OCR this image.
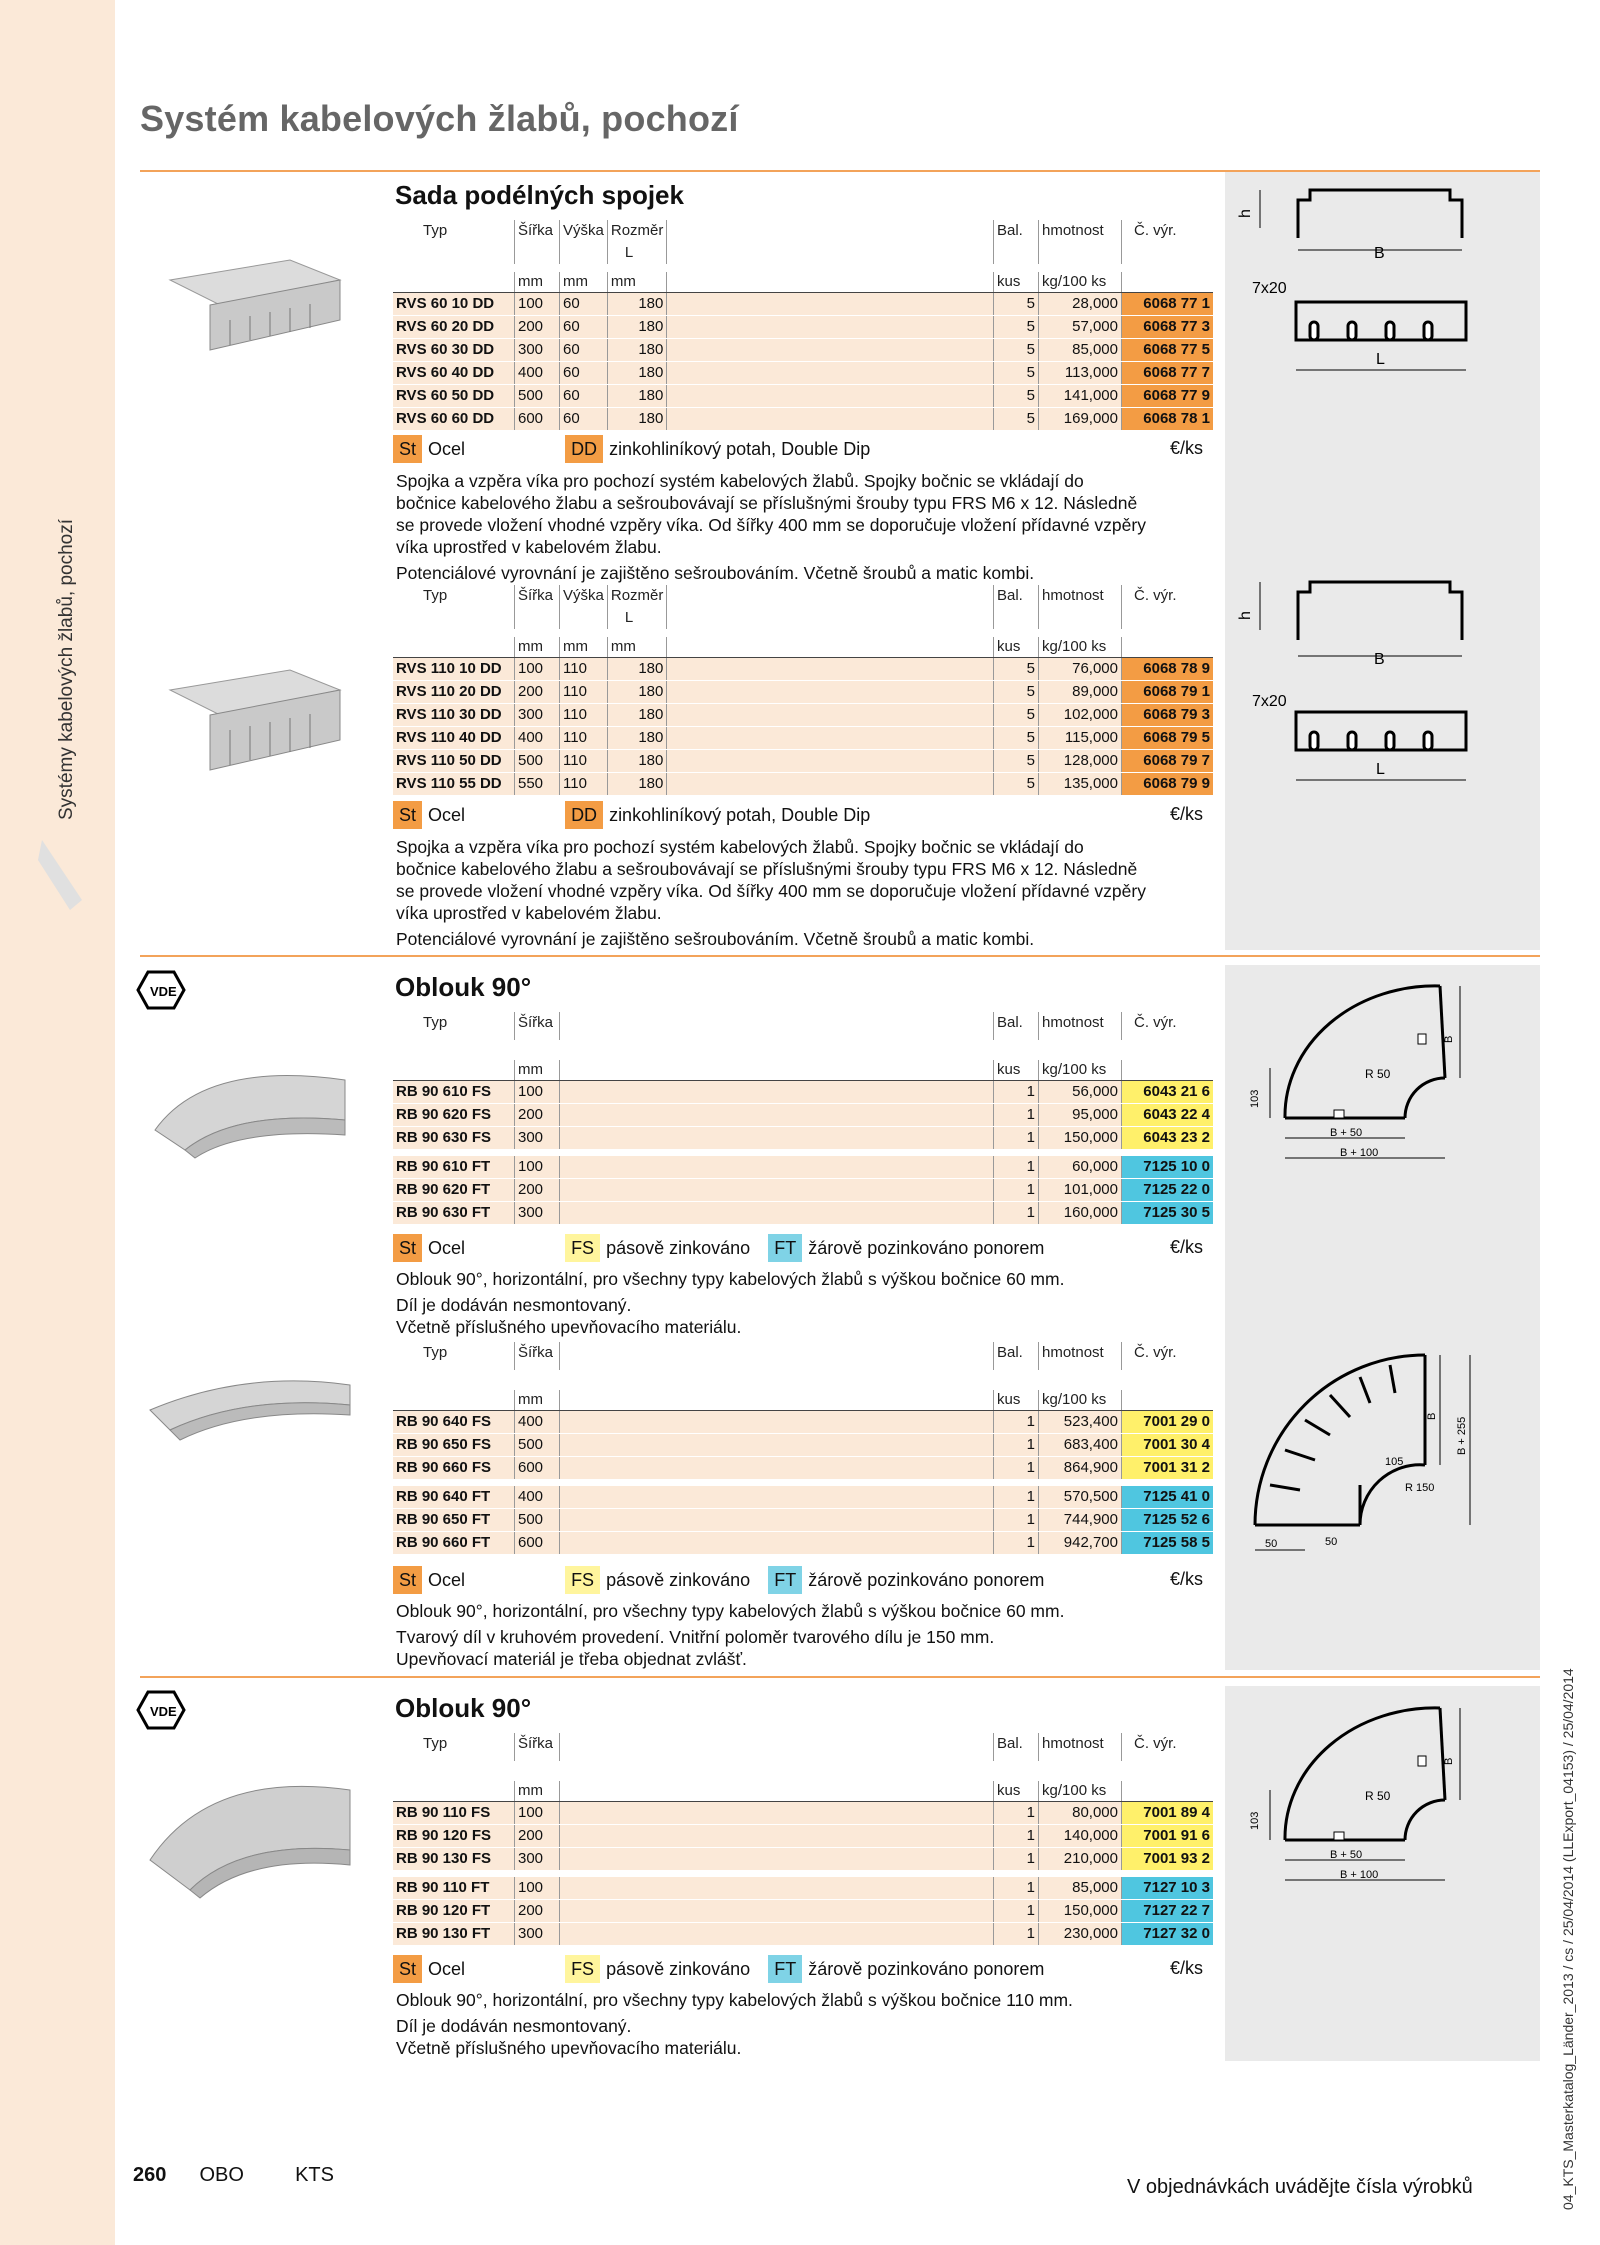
Systémy kabelových žlabů, pochozí
Systém kabelových žlabů, pochozí
h
B
7x20
L
h
B
7x20
L
Sada podélných spojek
Typ	Šířka	Výška	Rozměr
L		Bal.	hmotnost	Č. výr.

	mm	mm	mm		kus	kg/100 ks	
RVS 60 10 DD	100	60	180		5	28,000	6068 77 1
RVS 60 20 DD	200	60	180		5	57,000	6068 77 3
RVS 60 30 DD	300	60	180		5	85,000	6068 77 5
RVS 60 40 DD	400	60	180		5	113,000	6068 77 7
RVS 60 50 DD	500	60	180		5	141,000	6068 77 9
RVS 60 60 DD	600	60	180		5	169,000	6068 78 1
St Ocel	DD zinkohliníkový potah, Double Dip	€/ks
Spojka a vzpěra víka pro pochozí systém kabelových žlabů. Spojky bočnic se vkládají do
bočnice kabelového žlabu a sešroubovávají se příslušnými šrouby typu FRS M6 x 12. Následně
se provede vložení vhodné vzpěry víka. Od šířky 400 mm se doporučuje vložení přídavné vzpěry
víka uprostřed v kabelovém žlabu.
Potenciálové vyrovnání je zajištěno sešroubováním. Včetně šroubů a matic kombi.
Typ	Šířka	Výška	Rozměr
L		Bal.	hmotnost	Č. výr.

	mm	mm	mm		kus	kg/100 ks	
RVS 110 10 DD	100	110	180		5	76,000	6068 78 9
RVS 110 20 DD	200	110	180		5	89,000	6068 79 1
RVS 110 30 DD	300	110	180		5	102,000	6068 79 3
RVS 110 40 DD	400	110	180		5	115,000	6068 79 5
RVS 110 50 DD	500	110	180		5	128,000	6068 79 7
RVS 110 55 DD	550	110	180		5	135,000	6068 79 9
St Ocel	DD zinkohliníkový potah, Double Dip	€/ks
Spojka a vzpěra víka pro pochozí systém kabelových žlabů. Spojky bočnic se vkládají do
bočnice kabelového žlabu a sešroubovávají se příslušnými šrouby typu FRS M6 x 12. Následně
se provede vložení vhodné vzpěry víka. Od šířky 400 mm se doporučuje vložení přídavné vzpěry
víka uprostřed v kabelovém žlabu.
Potenciálové vyrovnání je zajištěno sešroubováním. Včetně šroubů a matic kombi.
VDE
103
R 50
B + 50
B + 100
B
B
B + 255
105
R 150
50
50
Oblouk 90°
Typ	Šířka		Bal.	hmotnost	Č. výr.

	mm		kus	kg/100 ks	
RB 90 610 FS	100		1	56,000	6043 21 6
RB 90 620 FS	200		1	95,000	6043 22 4
RB 90 630 FS	300		1	150,000	6043 23 2

RB 90 610 FT	100		1	60,000	7125 10 0
RB 90 620 FT	200		1	101,000	7125 22 0
RB 90 630 FT	300		1	160,000	7125 30 5
St Ocel	FS pásově zinkováno FT žárově pozinkováno ponorem	€/ks
Oblouk 90°, horizontální, pro všechny typy kabelových žlabů s výškou bočnice 60 mm.
Díl je dodáván nesmontovaný.
Včetně příslušného upevňovacího materiálu.
Typ	Šířka		Bal.	hmotnost	Č. výr.

	mm		kus	kg/100 ks	
RB 90 640 FS	400		1	523,400	7001 29 0
RB 90 650 FS	500		1	683,400	7001 30 4
RB 90 660 FS	600		1	864,900	7001 31 2

RB 90 640 FT	400		1	570,500	7125 41 0
RB 90 650 FT	500		1	744,900	7125 52 6
RB 90 660 FT	600		1	942,700	7125 58 5
St Ocel	FS pásově zinkováno FT žárově pozinkováno ponorem	€/ks
Oblouk 90°, horizontální, pro všechny typy kabelových žlabů s výškou bočnice 60 mm.
Tvarový díl v kruhovém provedení. Vnitřní poloměr tvarového dílu je 150 mm.
Upevňovací materiál je třeba objednat zvlášť.
VDE
103
R 50
B + 50
B + 100
B
Oblouk 90°
Typ	Šířka		Bal.	hmotnost	Č. výr.

	mm		kus	kg/100 ks	
RB 90 110 FS	100		1	80,000	7001 89 4
RB 90 120 FS	200		1	140,000	7001 91 6
RB 90 130 FS	300		1	210,000	7001 93 2

RB 90 110 FT	100		1	85,000	7127 10 3
RB 90 120 FT	200		1	150,000	7127 22 7
RB 90 130 FT	300		1	230,000	7127 32 0
St Ocel	FS pásově zinkováno FT žárově pozinkováno ponorem	€/ks
Oblouk 90°, horizontální, pro všechny typy kabelových žlabů s výškou bočnice 110 mm.
Díl je dodáván nesmontovaný.
Včetně příslušného upevňovacího materiálu.
260 OBO	KTS
V objednávkách uvádějte čísla výrobků	04_KTS_Masterkatalog_Länder_2013 / cs / 25/04/2014 (LLExport_04153) / 25/04/2014
